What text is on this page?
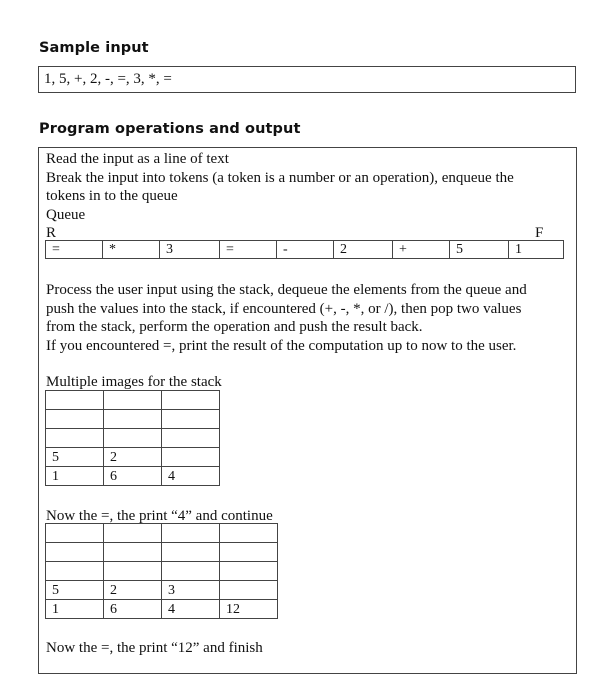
Sample input
1, 5, +, 2, -, =, 3, *, =
Program operations and output
Read the input as a line of text
Break the input into tokens (a token is a number or an operation), enqueue the
tokens in to the queue
Queue
R	F
=	*	3	=	-	2	+	5	1
Process the user input using the stack, dequeue the elements from the queue and
push the values into the stack, if encountered (+, -, *, or /), then pop two values
from the stack, perform the operation and push the result back.
If you encountered =, print the result of the computation up to now to the user.
Multiple images for the stack

5	2	
1	6	4
Now the =, the print “4” and continue

5	2	3	
1	6	4	12
Now the =, the print “12” and finish
